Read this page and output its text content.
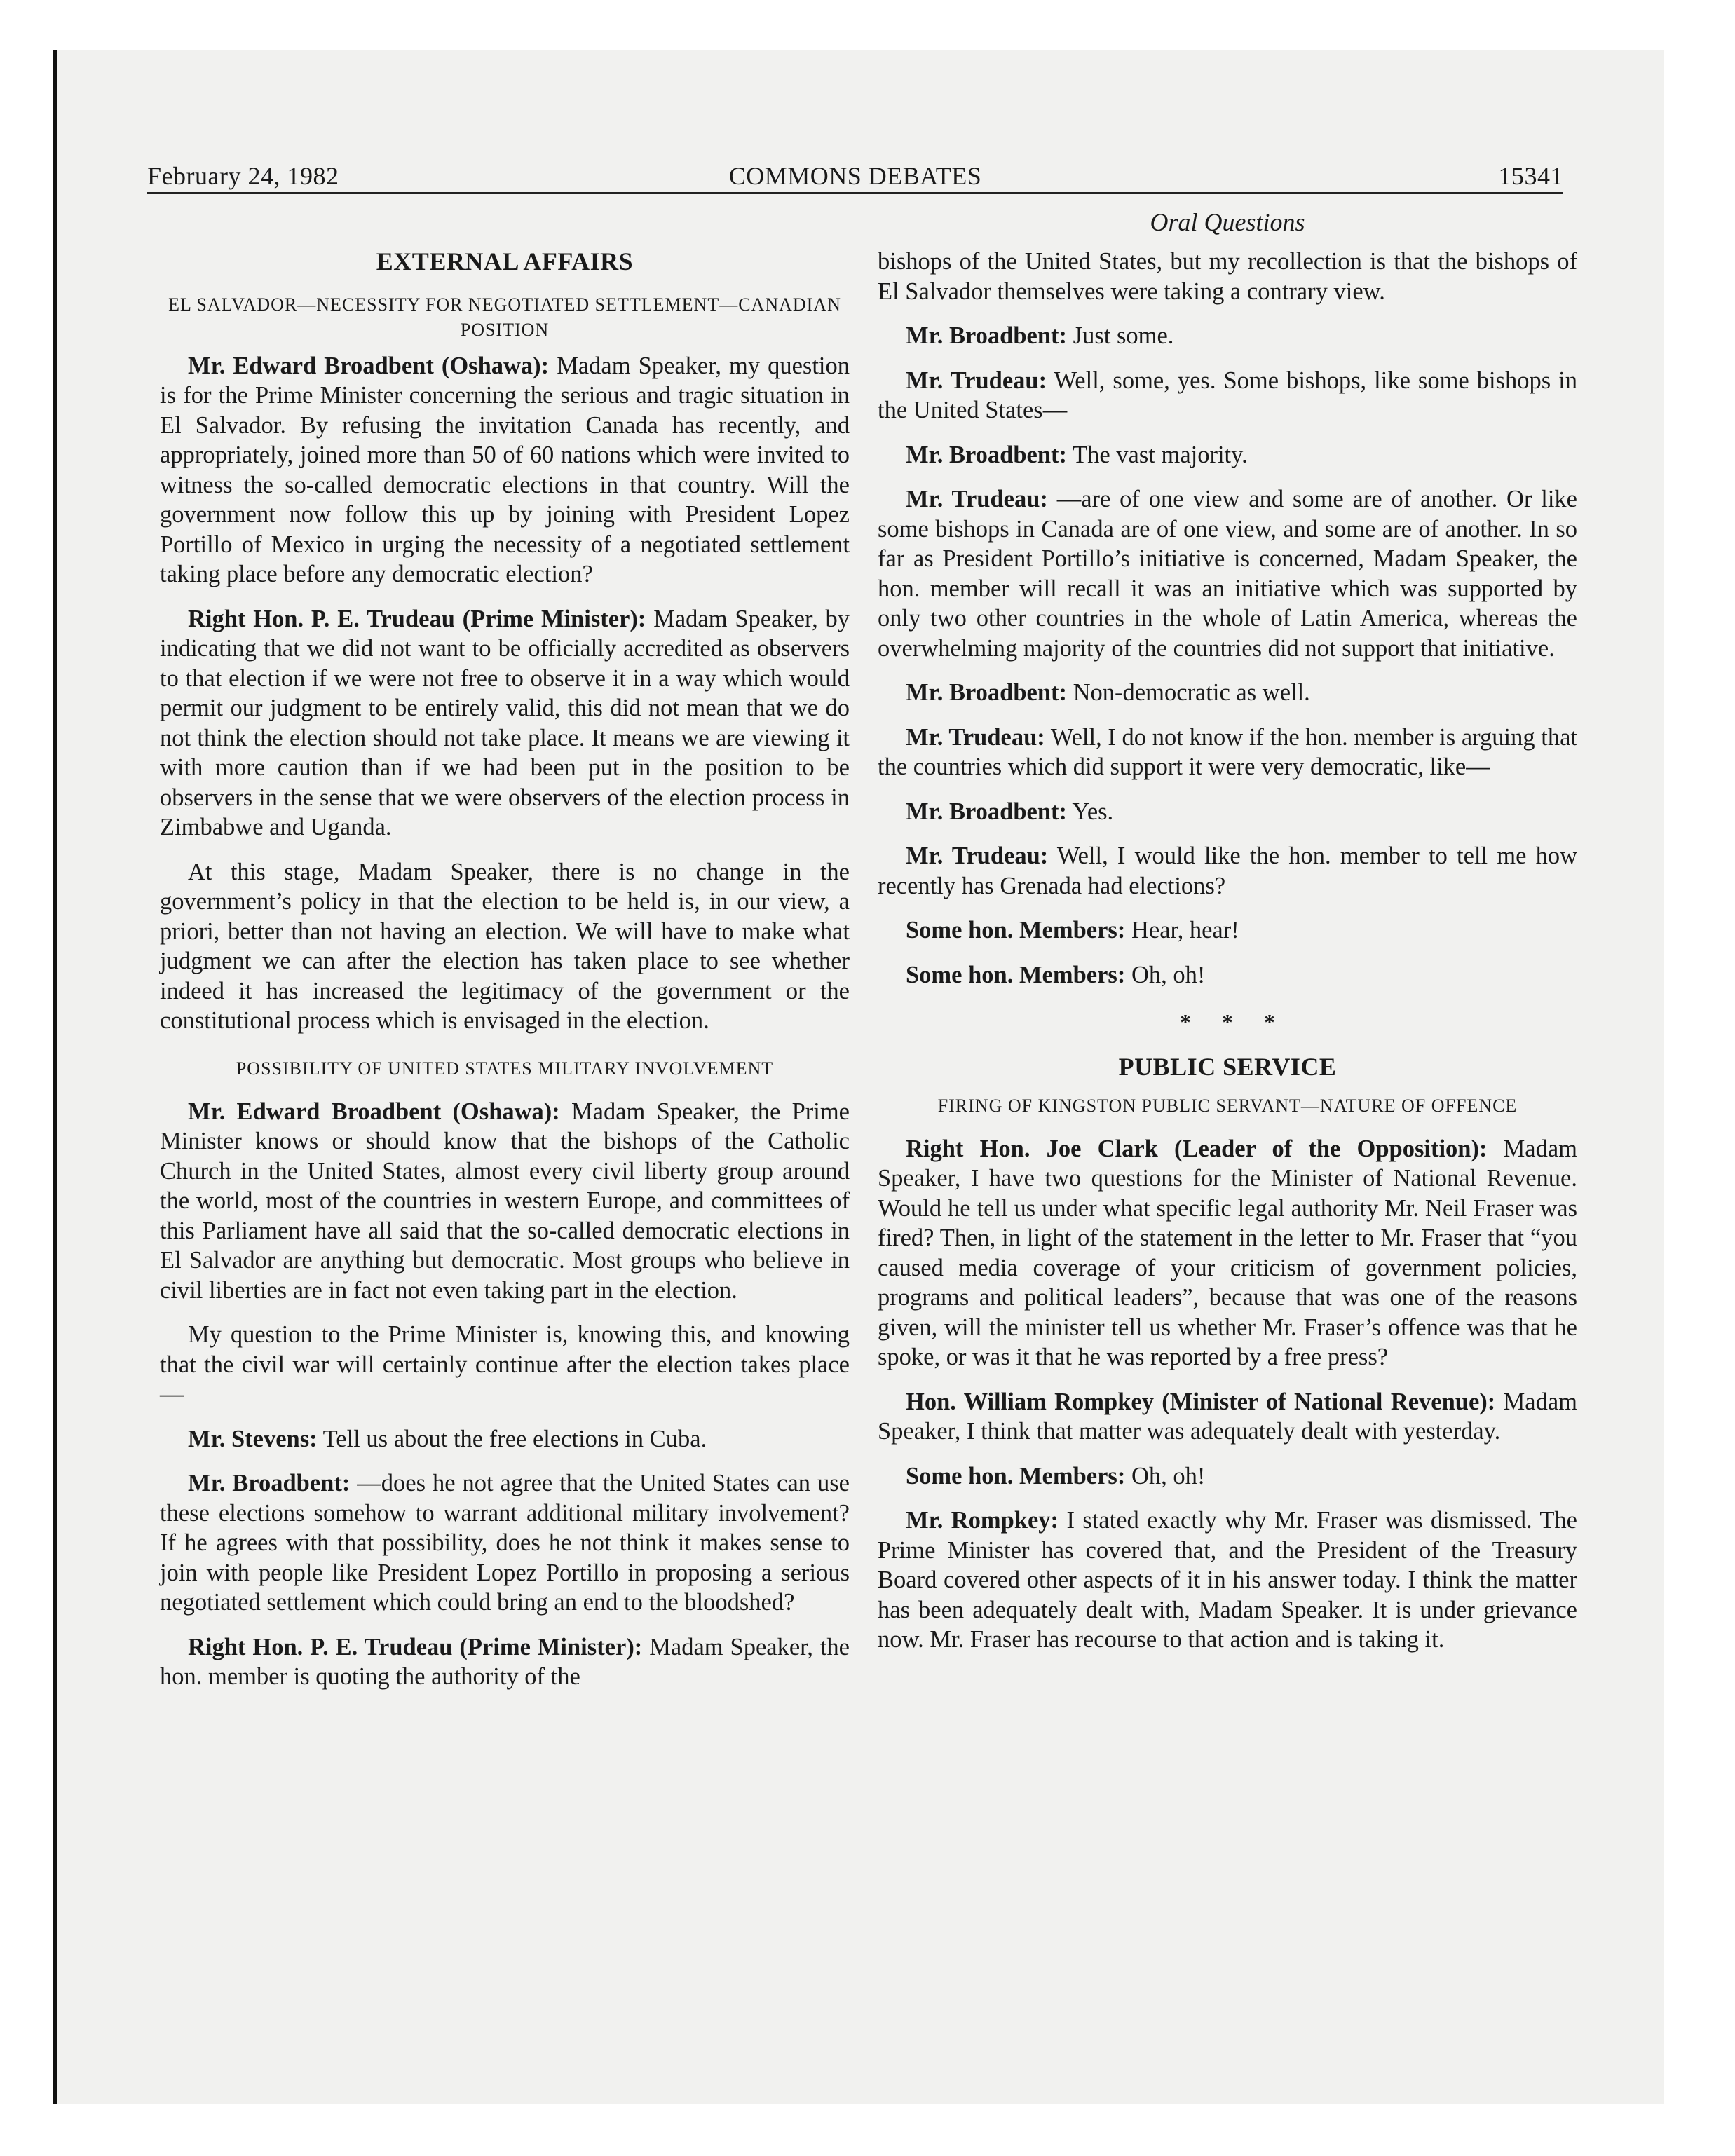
February 24, 1982	COMMONS DEBATES	15341
EXTERNAL AFFAIRS
EL SALVADOR—NECESSITY FOR NEGOTIATED SETTLEMENT—CANADIAN POSITION

Mr. Edward Broadbent (Oshawa): Madam Speaker, my question is for the Prime Minister concerning the serious and tragic situation in El Salvador. By refusing the invitation Canada has recently, and appropriately, joined more than 50 of 60 nations which were invited to witness the so-called democratic elections in that country. Will the government now follow this up by joining with President Lopez Portillo of Mexico in urging the necessity of a negotiated settlement taking place before any democratic election?

Right Hon. P. E. Trudeau (Prime Minister): Madam Speaker, by indicating that we did not want to be officially accredited as observers to that election if we were not free to observe it in a way which would permit our judgment to be entirely valid, this did not mean that we do not think the election should not take place. It means we are viewing it with more caution than if we had been put in the position to be observers in the sense that we were observers of the election process in Zimbabwe and Uganda.

At this stage, Madam Speaker, there is no change in the government’s policy in that the election to be held is, in our view, a priori, better than not having an election. We will have to make what judgment we can after the election has taken place to see whether indeed it has increased the legitimacy of the government or the constitutional process which is envisaged in the election.

POSSIBILITY OF UNITED STATES MILITARY INVOLVEMENT

Mr. Edward Broadbent (Oshawa): Madam Speaker, the Prime Minister knows or should know that the bishops of the Catholic Church in the United States, almost every civil liberty group around the world, most of the countries in western Europe, and committees of this Parliament have all said that the so-called democratic elections in El Salvador are anything but democratic. Most groups who believe in civil liberties are in fact not even taking part in the election.

My question to the Prime Minister is, knowing this, and knowing that the civil war will certainly continue after the election takes place—

Mr. Stevens: Tell us about the free elections in Cuba.

Mr. Broadbent: —does he not agree that the United States can use these elections somehow to warrant additional military involvement? If he agrees with that possibility, does he not think it makes sense to join with people like President Lopez Portillo in proposing a serious negotiated settlement which could bring an end to the bloodshed?

Right Hon. P. E. Trudeau (Prime Minister): Madam Speaker, the hon. member is quoting the authority of the

Oral Questions

bishops of the United States, but my recollection is that the bishops of El Salvador themselves were taking a contrary view.

Mr. Broadbent: Just some.

Mr. Trudeau: Well, some, yes. Some bishops, like some bishops in the United States—

Mr. Broadbent: The vast majority.

Mr. Trudeau: —are of one view and some are of another. Or like some bishops in Canada are of one view, and some are of another. In so far as President Portillo’s initiative is concerned, Madam Speaker, the hon. member will recall it was an initiative which was supported by only two other countries in the whole of Latin America, whereas the overwhelming majority of the countries did not support that initiative.

Mr. Broadbent: Non-democratic as well.

Mr. Trudeau: Well, I do not know if the hon. member is arguing that the countries which did support it were very democratic, like—

Mr. Broadbent: Yes.

Mr. Trudeau: Well, I would like the hon. member to tell me how recently has Grenada had elections?

Some hon. Members: Hear, hear!

Some hon. Members: Oh, oh!

* * *
PUBLIC SERVICE
FIRING OF KINGSTON PUBLIC SERVANT—NATURE OF OFFENCE

Right Hon. Joe Clark (Leader of the Opposition): Madam Speaker, I have two questions for the Minister of National Revenue. Would he tell us under what specific legal authority Mr. Neil Fraser was fired? Then, in light of the statement in the letter to Mr. Fraser that “you caused media coverage of your criticism of government policies, programs and political leaders”, because that was one of the reasons given, will the minister tell us whether Mr. Fraser’s offence was that he spoke, or was it that he was reported by a free press?

Hon. William Rompkey (Minister of National Revenue): Madam Speaker, I think that matter was adequately dealt with yesterday.

Some hon. Members: Oh, oh!

Mr. Rompkey: I stated exactly why Mr. Fraser was dismissed. The Prime Minister has covered that, and the President of the Treasury Board covered other aspects of it in his answer today. I think the matter has been adequately dealt with, Madam Speaker. It is under grievance now. Mr. Fraser has recourse to that action and is taking it.
